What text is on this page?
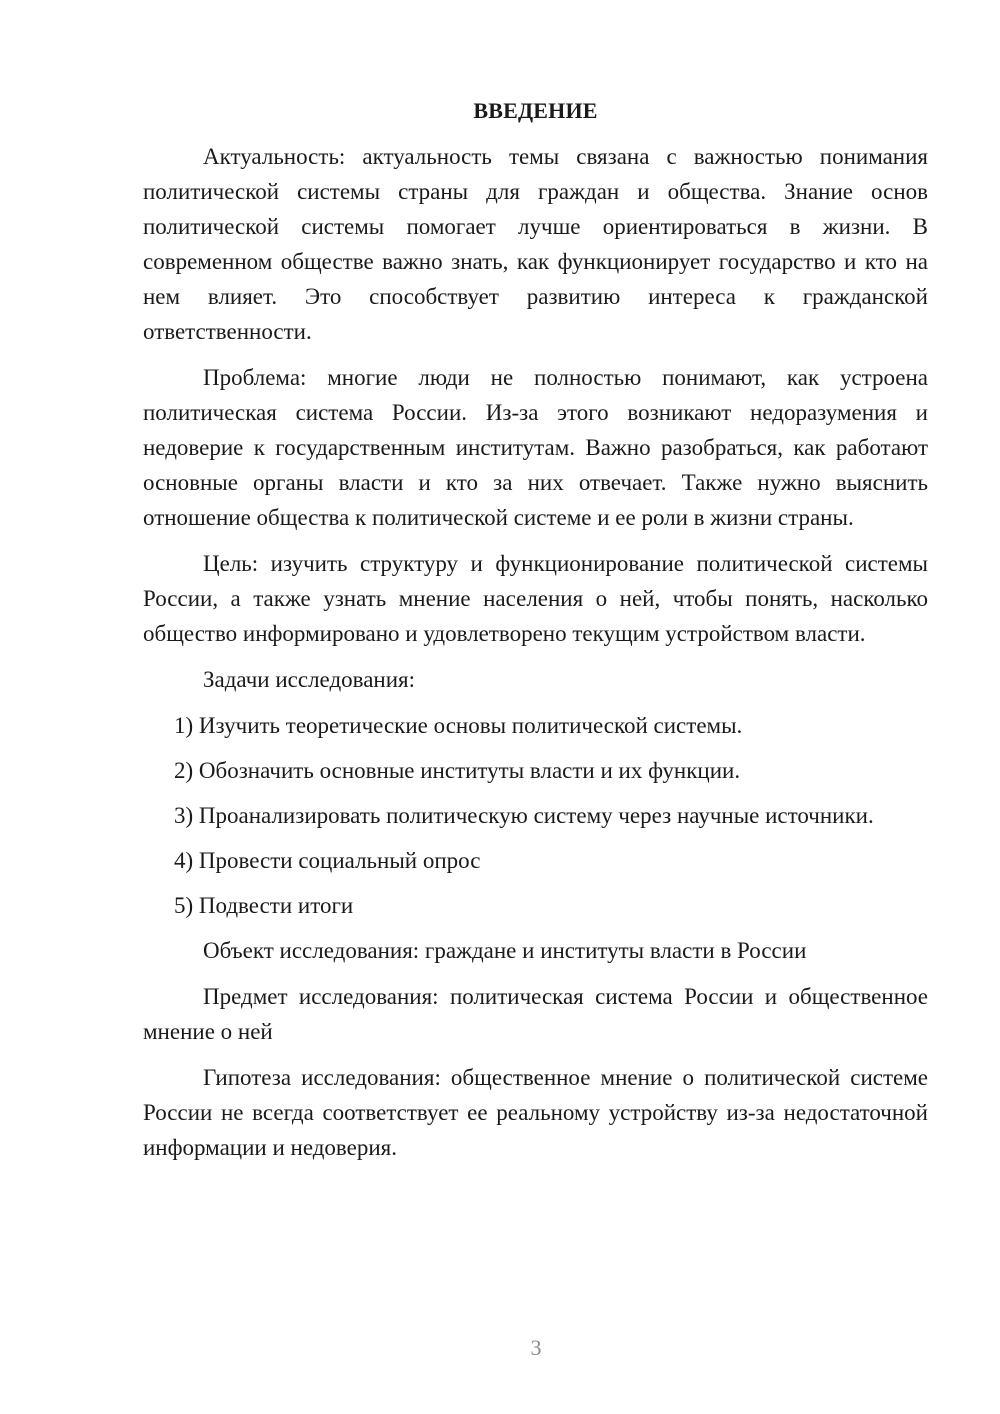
ВВЕДЕНИЕ

Актуальность: актуальность темы связана с важностью понимания политической системы страны для граждан и общества. Знание основ политической системы помогает лучше ориентироваться в жизни. В современном обществе важно знать, как функционирует государство и кто на нем влияет. Это способствует развитию интереса к гражданской ответственности.

Проблема: многие люди не полностью понимают, как устроена политическая система России. Из-за этого возникают недоразумения и недоверие к государственным институтам. Важно разобраться, как работают основные органы власти и кто за них отвечает. Также нужно выяснить отношение общества к политической системе и ее роли в жизни страны.

Цель: изучить структуру и функционирование политической системы России, а также узнать мнение населения о ней, чтобы понять, насколько общество информировано и удовлетворено текущим устройством власти.

Задачи исследования:

1) Изучить теоретические основы политической системы.

2) Обозначить основные институты власти и их функции.

3) Проанализировать политическую систему через научные источники.

4) Провести социальный опрос

5) Подвести итоги

Объект исследования: граждане и институты власти в России

Предмет исследования: политическая система России и общественное мнение о ней

Гипотеза исследования: общественное мнение о политической системе России не всегда соответствует ее реальному устройству из-за недостаточной информации и недоверия.

3
